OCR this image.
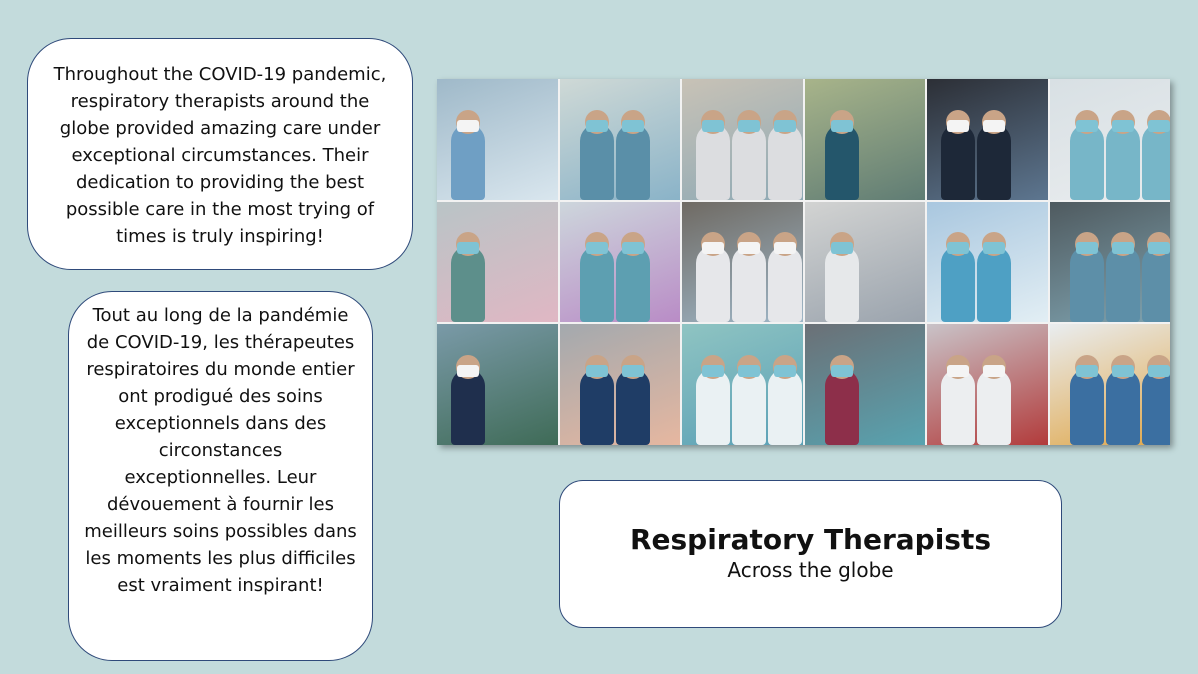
Throughout the COVID-19 pandemic, respiratory therapists around the globe provided amazing care under exceptional circumstances. Their dedication to providing the best possible care in the most trying of times is truly inspiring!

Tout au long de la pandémie de COVID-19, les thérapeutes respiratoires du monde entier ont prodigué des soins exceptionnels dans des circonstances exceptionnelles. Leur dévouement à fournir les meilleurs soins possibles dans les moments les plus difficiles est vraiment inspirant!

Respiratory Therapists

Across the globe
